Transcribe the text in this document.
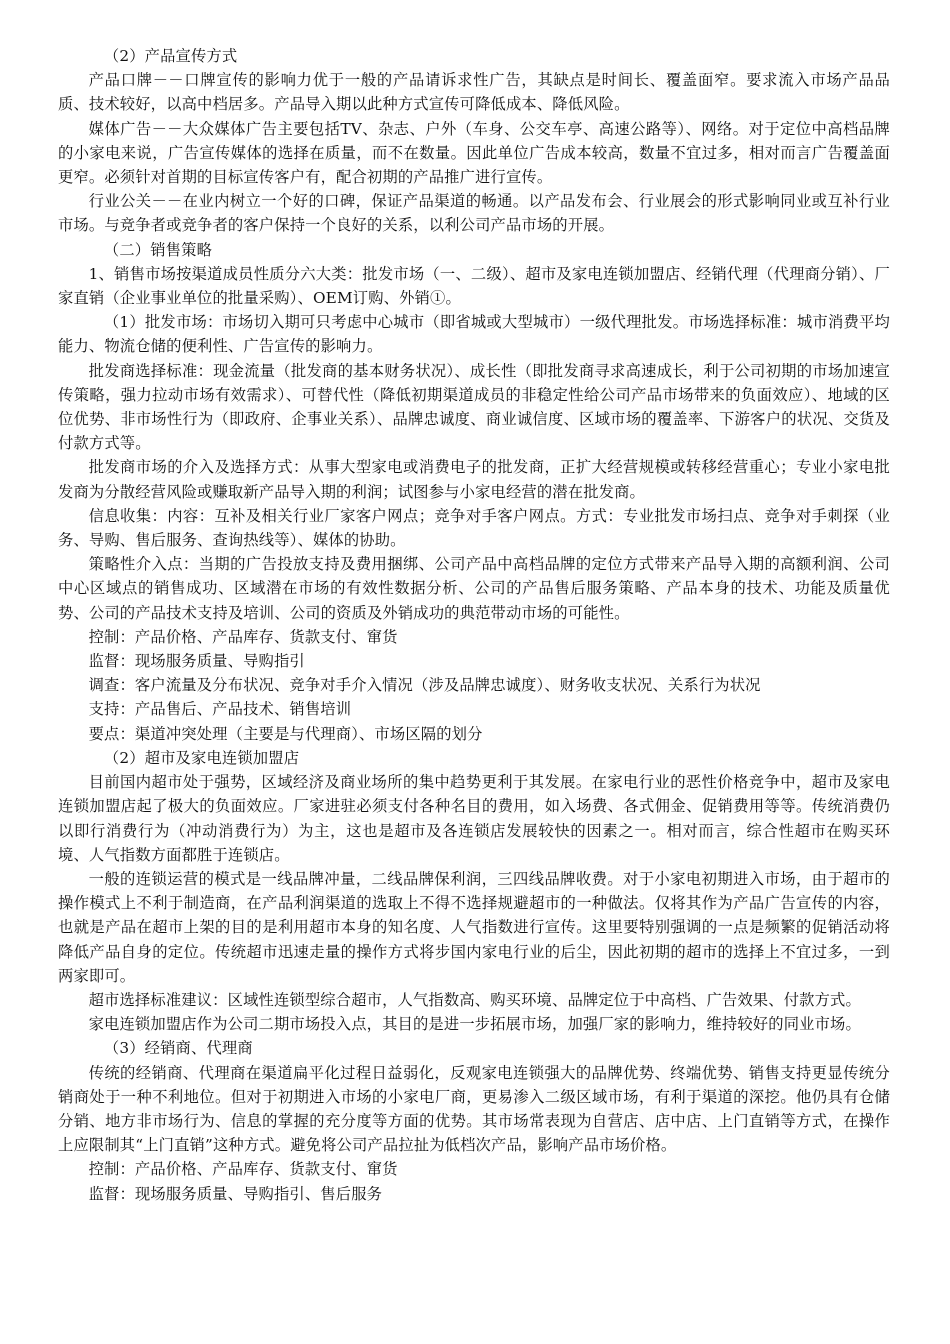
（2）产品宣传方式

产品口牌－－口牌宣传的影响力优于一般的产品请诉求性广告，其缺点是时间长、覆盖面窄。要求流入市场产品品质、技术较好，以高中档居多。产品导入期以此种方式宣传可降低成本、降低风险。

媒体广告－－大众媒体广告主要包括TV、杂志、户外（车身、公交车亭、高速公路等）、网络。对于定位中高档品牌的小家电来说，广告宣传媒体的选择在质量，而不在数量。因此单位广告成本较高，数量不宜过多，相对而言广告覆盖面更窄。必须针对首期的目标宣传客户有，配合初期的产品推广进行宣传。

行业公关－－在业内树立一个好的口碑，保证产品渠道的畅通。以产品发布会、行业展会的形式影响同业或互补行业市场。与竞争者或竞争者的客户保持一个良好的关系，以利公司产品市场的开展。

（二）销售策略

1、销售市场按渠道成员性质分六大类：批发市场（一、二级）、超市及家电连锁加盟店、经销代理（代理商分销）、厂家直销（企业事业单位的批量采购）、OEM订购、外销①。

（1）批发市场：市场切入期可只考虑中心城市（即省城或大型城市）一级代理批发。市场选择标准：城市消费平均能力、物流仓储的便利性、广告宣传的影响力。

批发商选择标准：现金流量（批发商的基本财务状况）、成长性（即批发商寻求高速成长，利于公司初期的市场加速宣传策略，强力拉动市场有效需求）、可替代性（降低初期渠道成员的非稳定性给公司产品市场带来的负面效应）、地域的区位优势、非市场性行为（即政府、企事业关系）、品牌忠诚度、商业诚信度、区域市场的覆盖率、下游客户的状况、交货及付款方式等。

批发商市场的介入及选择方式：从事大型家电或消费电子的批发商，正扩大经营规模或转移经营重心；专业小家电批发商为分散经营风险或赚取新产品导入期的利润；试图参与小家电经营的潜在批发商。

信息收集：内容：互补及相关行业厂家客户网点；竞争对手客户网点。方式：专业批发市场扫点、竞争对手刺探（业务、导购、售后服务、查询热线等）、媒体的协助。

策略性介入点：当期的广告投放支持及费用捆绑、公司产品中高档品牌的定位方式带来产品导入期的高额利润、公司中心区域点的销售成功、区域潜在市场的有效性数据分析、公司的产品售后服务策略、产品本身的技术、功能及质量优势、公司的产品技术支持及培训、公司的资质及外销成功的典范带动市场的可能性。

控制：产品价格、产品库存、货款支付、窜货

监督：现场服务质量、导购指引

调查：客户流量及分布状况、竞争对手介入情况（涉及品牌忠诚度）、财务收支状况、关系行为状况

支持：产品售后、产品技术、销售培训

要点：渠道冲突处理（主要是与代理商）、市场区隔的划分

（2）超市及家电连锁加盟店

目前国内超市处于强势，区域经济及商业场所的集中趋势更利于其发展。在家电行业的恶性价格竞争中，超市及家电连锁加盟店起了极大的负面效应。厂家进驻必须支付各种名目的费用，如入场费、各式佣金、促销费用等等。传统消费仍以即行消费行为（冲动消费行为）为主，这也是超市及各连锁店发展较快的因素之一。相对而言，综合性超市在购买环境、人气指数方面都胜于连锁店。

一般的连锁运营的模式是一线品牌冲量，二线品牌保利润，三四线品牌收费。对于小家电初期进入市场，由于超市的操作模式上不利于制造商，在产品利润渠道的选取上不得不选择规避超市的一种做法。仅将其作为产品广告宣传的内容，也就是产品在超市上架的目的是利用超市本身的知名度、人气指数进行宣传。这里要特别强调的一点是频繁的促销活动将降低产品自身的定位。传统超市迅速走量的操作方式将步国内家电行业的后尘，因此初期的超市的选择上不宜过多，一到两家即可。

超市选择标准建议：区域性连锁型综合超市，人气指数高、购买环境、品牌定位于中高档、广告效果、付款方式。

家电连锁加盟店作为公司二期市场投入点，其目的是进一步拓展市场，加强厂家的影响力，维持较好的同业市场。

（3）经销商、代理商

传统的经销商、代理商在渠道扁平化过程日益弱化，反观家电连锁强大的品牌优势、终端优势、销售支持更显传统分销商处于一种不利地位。但对于初期进入市场的小家电厂商，更易渗入二级区域市场，有利于渠道的深挖。他仍具有仓储分销、地方非市场行为、信息的掌握的充分度等方面的优势。其市场常表现为自营店、店中店、上门直销等方式，在操作上应限制其“上门直销”这种方式。避免将公司产品拉扯为低档次产品，影响产品市场价格。

控制：产品价格、产品库存、货款支付、窜货

监督：现场服务质量、导购指引、售后服务
